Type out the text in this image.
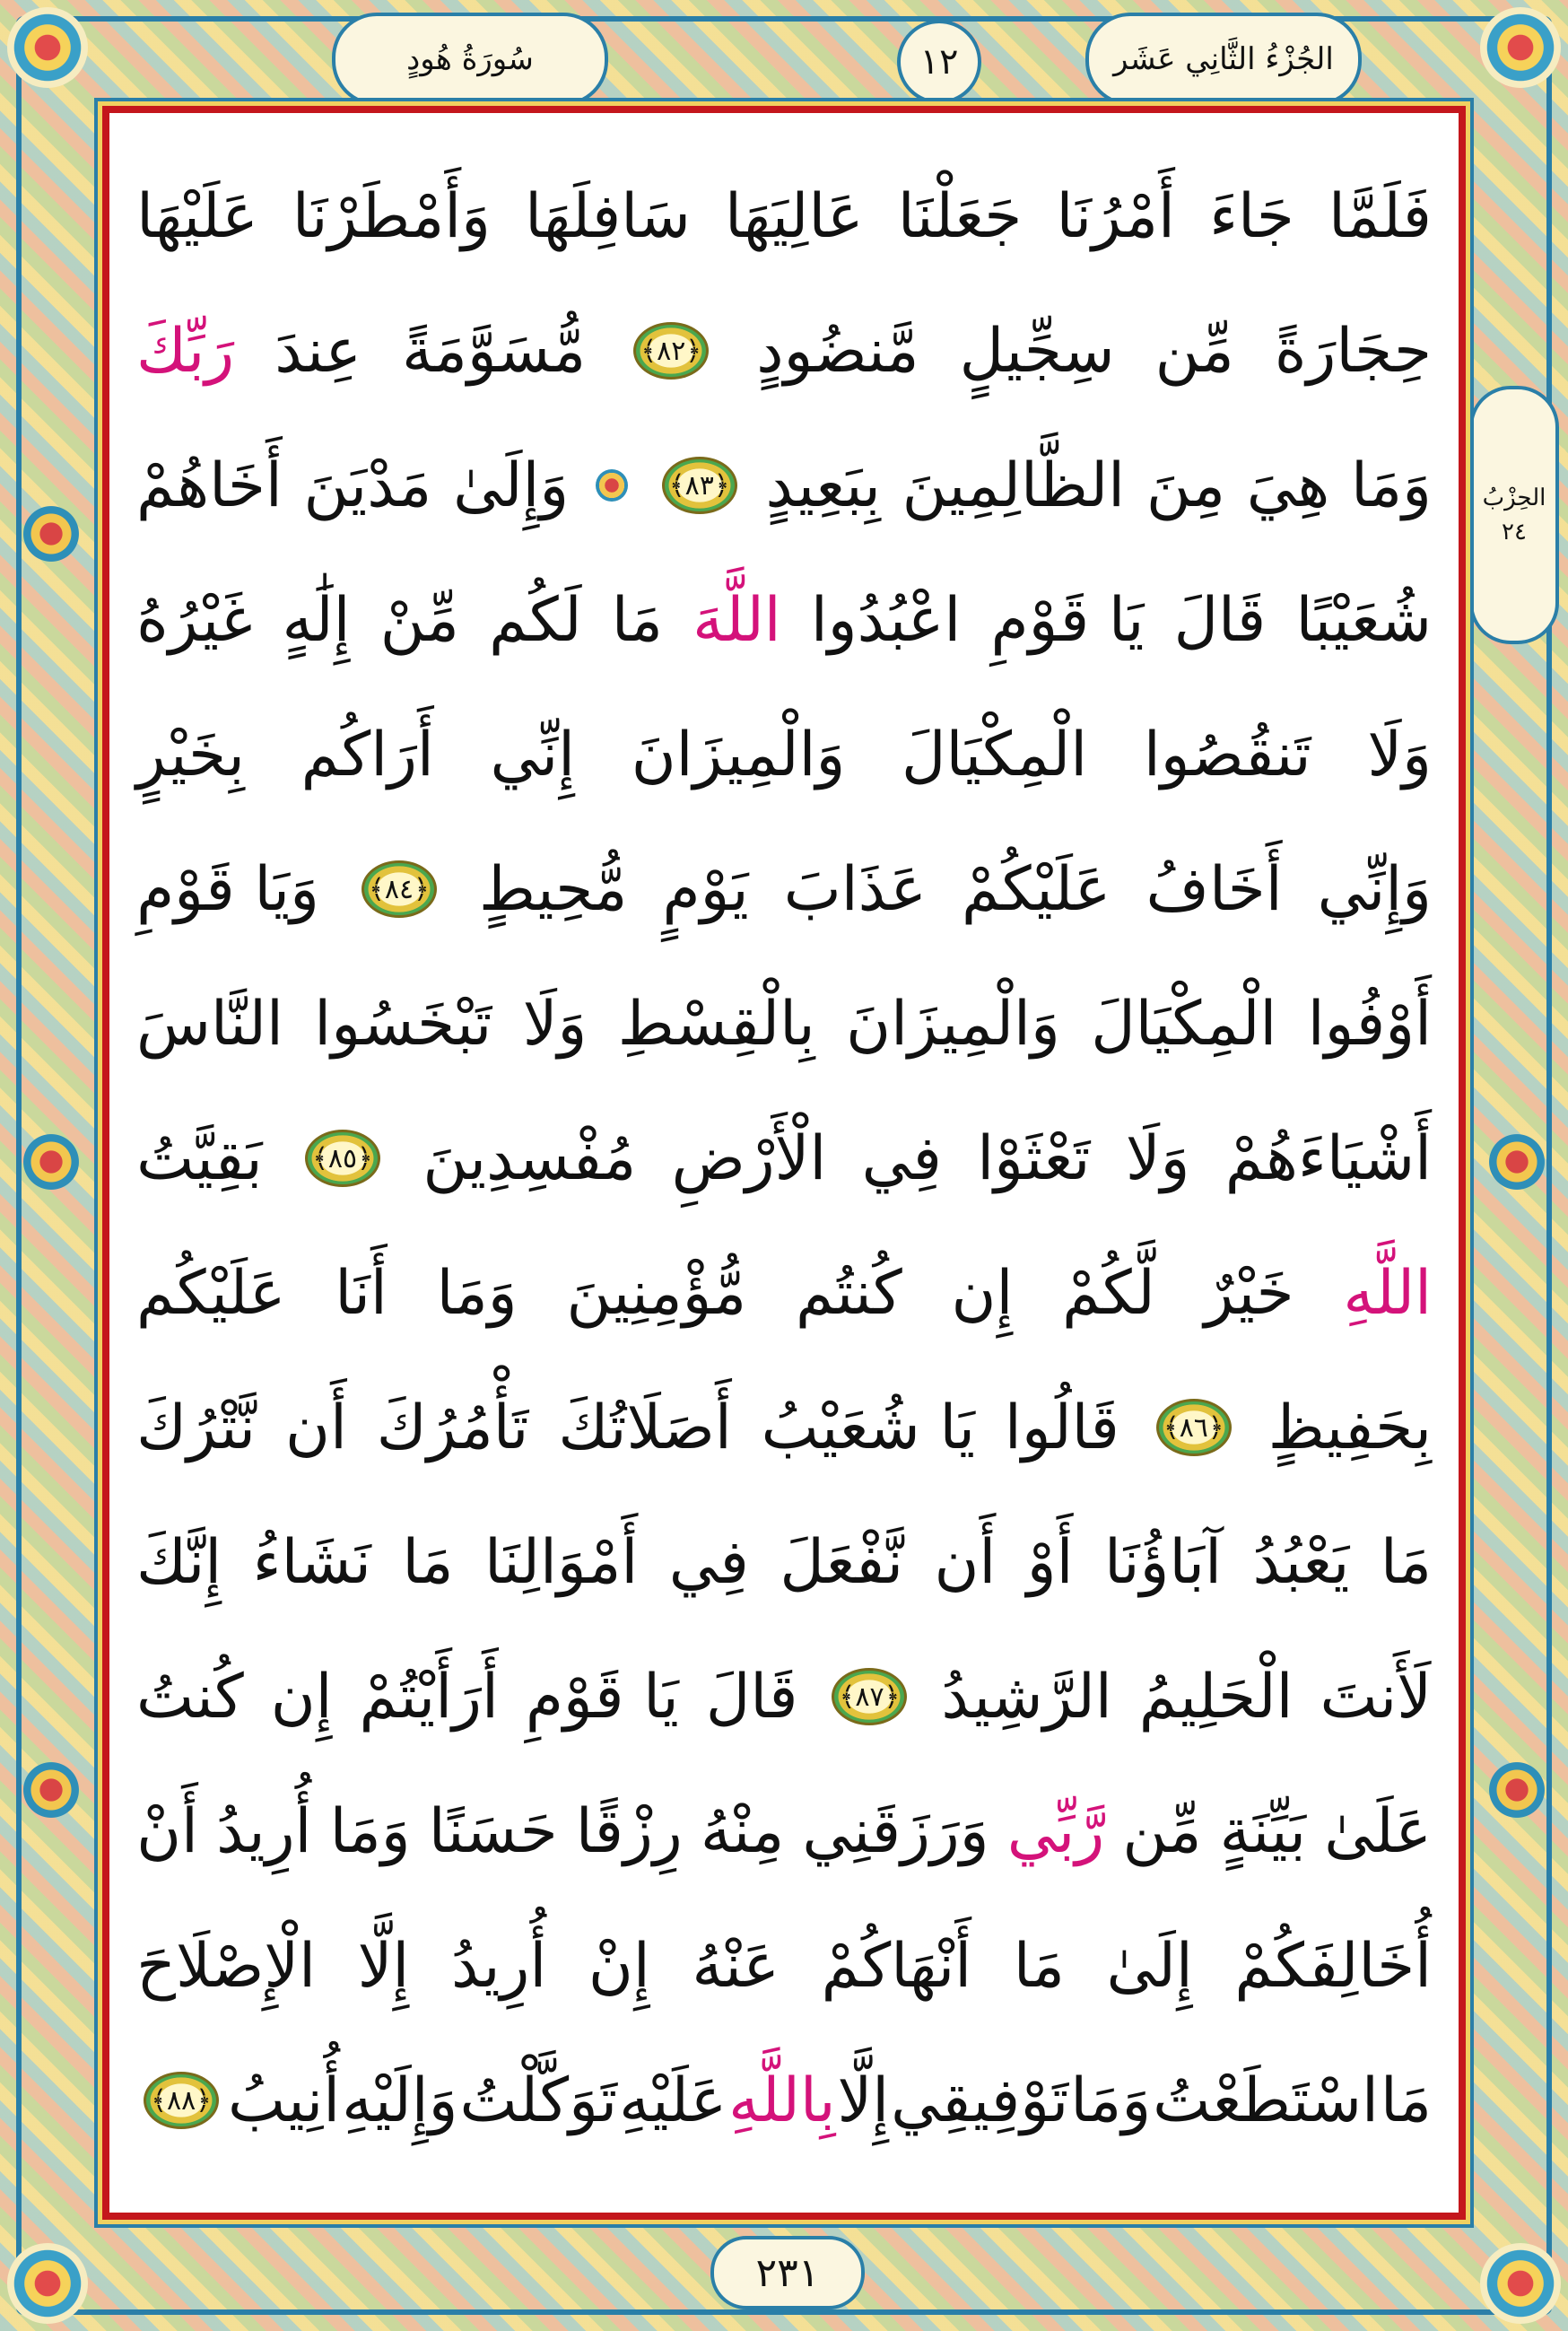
سُورَةُ هُودٍ	١٢	الجُزْءُ الثَّانِي عَشَر
الحِزْبُ
٢٤
فَلَمَّا
جَاءَ
أَمْرُنَا
جَعَلْنَا
عَالِيَهَا
سَافِلَهَا
وَأَمْطَرْنَا
عَلَيْهَا
حِجَارَةً
مِّن
سِجِّيلٍ
مَّنضُودٍ
﴿٨٢﴾
مُّسَوَّمَةً
عِندَ
رَبِّكَ
وَمَا
هِيَ
مِنَ
الظَّالِمِينَ
بِبَعِيدٍ
﴿٨٣﴾
وَإِلَىٰ
مَدْيَنَ
أَخَاهُمْ
شُعَيْبًا
قَالَ
يَا قَوْمِ
اعْبُدُوا
اللَّهَ
مَا
لَكُم
مِّنْ
إِلَٰهٍ
غَيْرُهُ
وَلَا
تَنقُصُوا
الْمِكْيَالَ
وَالْمِيزَانَ
إِنِّي
أَرَاكُم
بِخَيْرٍ
وَإِنِّي
أَخَافُ
عَلَيْكُمْ
عَذَابَ
يَوْمٍ
مُّحِيطٍ
﴿٨٤﴾
وَيَا قَوْمِ
أَوْفُوا
الْمِكْيَالَ
وَالْمِيزَانَ
بِالْقِسْطِ
وَلَا
تَبْخَسُوا
النَّاسَ
أَشْيَاءَهُمْ
وَلَا
تَعْثَوْا
فِي
الْأَرْضِ
مُفْسِدِينَ
﴿٨٥﴾
بَقِيَّتُ
اللَّهِ
خَيْرٌ
لَّكُمْ
إِن
كُنتُم
مُّؤْمِنِينَ
وَمَا
أَنَا
عَلَيْكُم
بِحَفِيظٍ
﴿٨٦﴾
قَالُوا
يَا شُعَيْبُ
أَصَلَاتُكَ
تَأْمُرُكَ
أَن
نَّتْرُكَ
مَا
يَعْبُدُ
آبَاؤُنَا
أَوْ
أَن
نَّفْعَلَ
فِي
أَمْوَالِنَا
مَا
نَشَاءُ
إِنَّكَ
لَأَنتَ
الْحَلِيمُ
الرَّشِيدُ
﴿٨٧﴾
قَالَ
يَا قَوْمِ
أَرَأَيْتُمْ
إِن
كُنتُ
عَلَىٰ
بَيِّنَةٍ
مِّن
رَّبِّي
وَرَزَقَنِي
مِنْهُ
رِزْقًا
حَسَنًا
وَمَا
أُرِيدُ
أَنْ
أُخَالِفَكُمْ
إِلَىٰ
مَا
أَنْهَاكُمْ
عَنْهُ
إِنْ
أُرِيدُ
إِلَّا
الْإِصْلَاحَ
مَا
اسْتَطَعْتُ
وَمَا
تَوْفِيقِي
إِلَّا
بِاللَّهِ
عَلَيْهِ
تَوَكَّلْتُ
وَإِلَيْهِ
أُنِيبُ
﴿٨٨﴾
٢٣١
